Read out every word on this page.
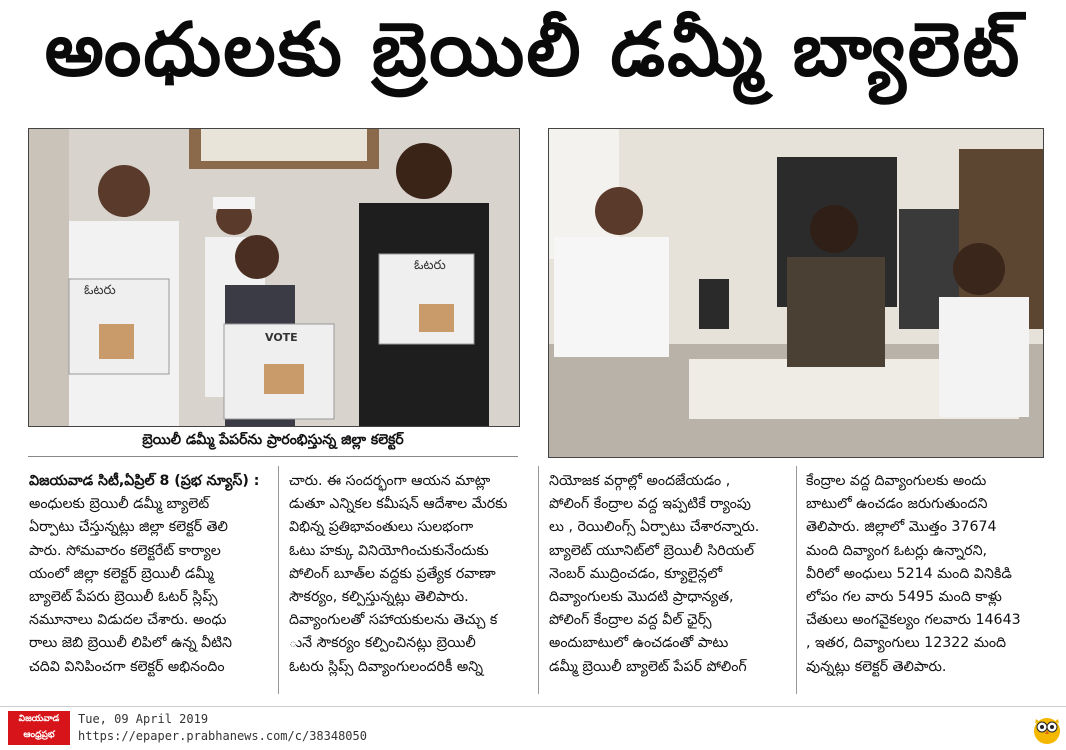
అంధులకు బ్రెయిలీ డమ్మీ బ్యాలెట్
ఓటరు
ఓటరు
VOTE
బ్రెయిలీ డమ్మీ పేపర్‌ను ప్రారంభిస్తున్న జిల్లా కలెక్టర్
విజయవాడ సిటీ,ఏప్రిల్ 8 (ప్రభ న్యూస్) :
అంధులకు బ్రెయిలీ డమ్మీ బ్యాలెట్
ఏర్పాటు చేస్తున్నట్లు జిల్లా కలెక్టర్ తెలి
పారు. సోమవారం కలెక్టరేట్ కార్యాల
యంలో జిల్లా కలెక్టర్ బ్రెయిలీ డమ్మీ
బ్యాలెట్ పేపరు బ్రెయిలీ ఓటర్ స్లిప్స్
నమూనాలు విడుదల చేశారు. అంధు
రాలు జెబి బ్రెయిలీ లిపిలో ఉన్న వీటిని
చదివి వినిపించగా కలెక్టర్ అభినందిం
చారు. ఈ సందర్భంగా ఆయన మాట్లా
డుతూ ఎన్నికల కమీషన్ ఆదేశాల మేరకు
విభిన్న ప్రతిభావంతులు సులభంగా
ఓటు హక్కు వినియోగించుకునేందుకు
పోలింగ్ బూత్‌ల వద్దకు ప్రత్యేక రవాణా
సౌకర్యం, కల్పిస్తున్నట్లు తెలిపారు.
దివ్యాంగులతో సహాయకులను తెచ్చు క
ునే సౌకర్యం కల్పించినట్లు బ్రెయిలీ
ఓటరు స్లిప్స్ దివ్యాంగులందరికీ అన్ని
నియోజక వర్గాల్లో అందజేయడం ,
పోలింగ్ కేంద్రాల వద్ద ఇప్పటికే ర్యాంపు
లు , రెయిలింగ్స్ ఏర్పాటు చేశారన్నారు.
బ్యాలెట్ యూనిట్‌లో బ్రెయిలీ సిరియల్
నెంబర్ ముద్రించడం, క్యూలైన్లలో
దివ్యాంగులకు మొదటి ప్రాధాన్యత,
పోలింగ్ కేంద్రాల వద్ద వీల్ ఛైర్స్
అందుబాటులో ఉంచడంతో పాటు
డమ్మీ బ్రెయిలీ బ్యాలెట్ పేపర్ పోలింగ్
కేంద్రాల వద్ద దివ్యాంగులకు అందు
బాటులో ఉంచడం జరుగుతుందని
తెలిపారు. జిల్లాలో మొత్తం 37674
మంది దివ్యాంగ ఓటర్లు ఉన్నారని,
వీరిలో అంధులు 5214 మంది వినికిడి
లోపం గల వారు 5495 మంది కాళ్లు
చేతులు అంగవైకల్యం గలవారు 14643
, ఇతర, దివ్యాంగులు 12322 మంది
వున్నట్లు కలెక్టర్ తెలిపారు.
విజయవాడ
ఆంధ్రప్రభ
Tue, 09 April 2019
https://epaper.prabhanews.com/c/38348050
